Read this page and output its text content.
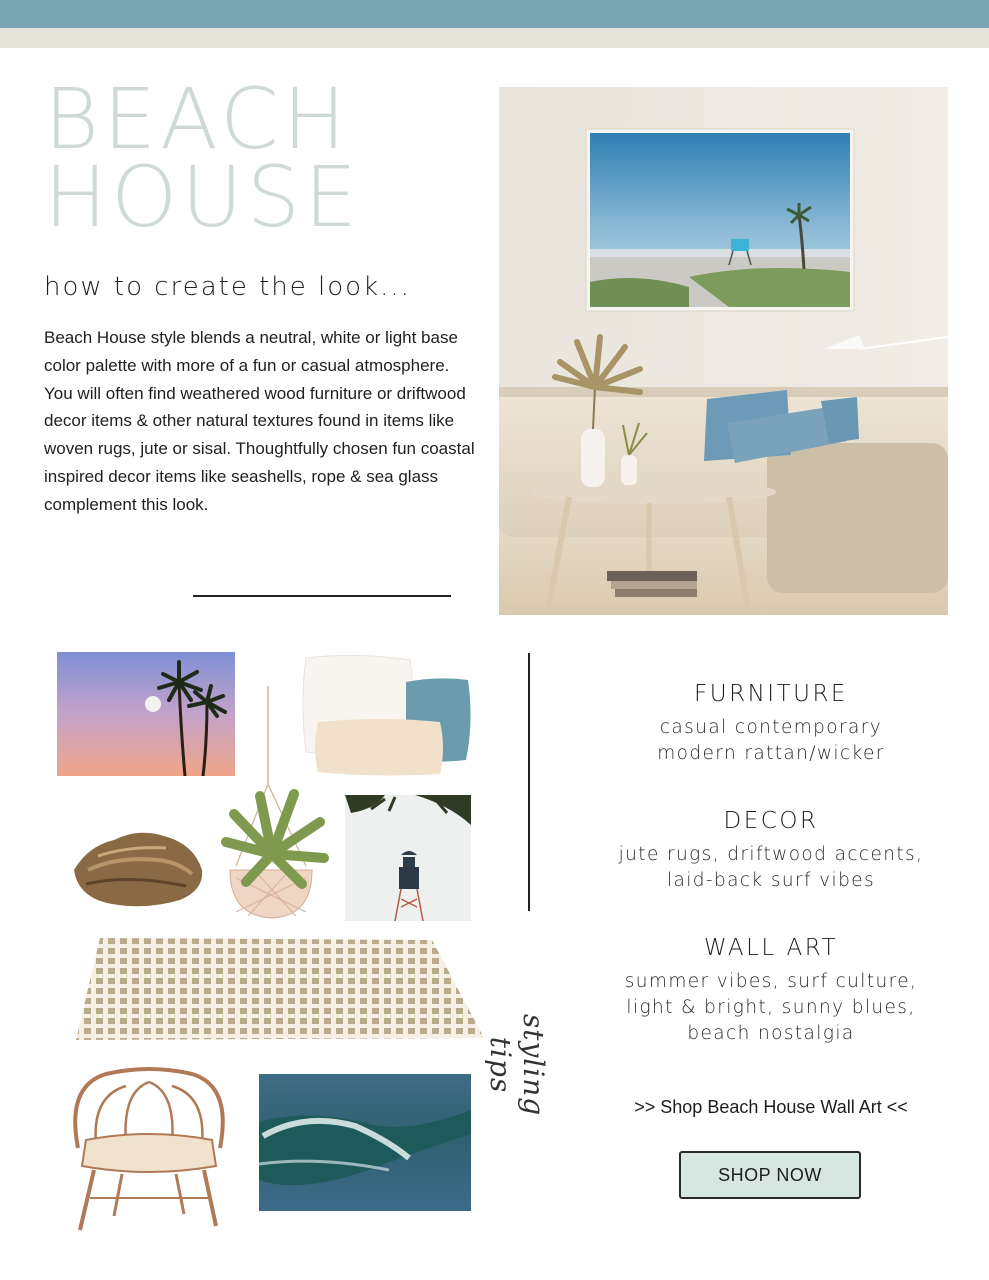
BEACH
HOUSE
how to create the look...
Beach House style blends a neutral, white or light base color palette with more of a fun or casual atmosphere. You will often find weathered wood furniture or driftwood decor items & other natural textures found in items like woven rugs, jute or sisal. Thoughtfully chosen fun coastal inspired decor items like seashells, rope & sea glass complement this look.
styling tips
FURNITURE
casual contemporary
modern rattan/wicker
DECOR
jute rugs, driftwood accents,
laid-back surf vibes
WALL ART
summer vibes, surf culture,
light & bright, sunny blues,
beach nostalgia
>> Shop Beach House Wall Art <<
SHOP NOW
